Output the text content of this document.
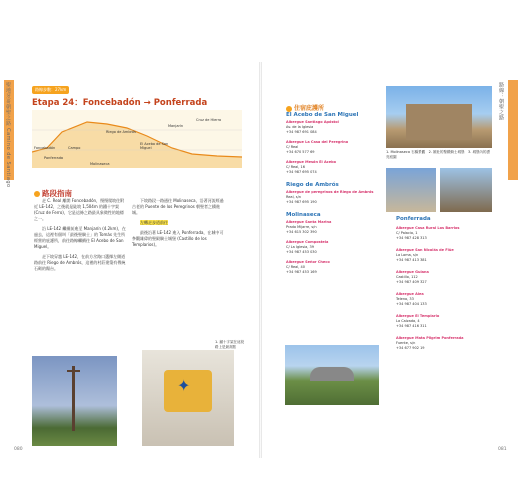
聖地牙哥朝聖之路 Camino de Santiago	路線：朝聖之路
路線步數：27km
Etapa 24：Foncebadón → Ponferrada
Foncebadón
Manjarín
Cruz de Hierro
El Acebo de San Miguel
Riego de Ambrós
Molinaseca
Campo
Ponferrada
路段指南

走 C. Real 離開 Foncebadón，慢慢爬坡往附近 LE-142，之後就是陡坡 1,504m 的鐵十字架 (Cruz de Ferro)，它是這條之路最具象徵性的地標之一。

沿 LE-142 繼續前進至 Manjarín (4.2km)，在過去，這裡有個叫「最後聖騎士」的 Tomás 先生所經營的庇護所，前往路線繼續往 El Acebo de San Miguel。

走下坡穿越 LE-142，在前方岔路口選擇左側道路前往 Riego de Ambrós，這裡的村莊建築有傳統石砌的陽台。

下坡路段一路通往 Molinaseca，沿著河流經過古老的 Puente de los Peregrinos 朝聖者之橋進城。

左轉走步道前往

最後沿著 LE-142 進入 Ponferrada，在城中可參觀雄偉的聖殿騎士城堡 (Castillo de los Templarios)。

✦
1. 鐵十字架在這段路上是最高點
080
住宿庇護所
1. Molinaseca 石橋景觀　2. 雄壯的聖殿騎士城堡　3. 城堡內的漂亮庭園
El Acebo de San Miguel
Albergue Santiago Apóstol
Av. de la Iglesia
+34 987 691 084
Albergue La Casa del Peregrino
C/ Real
+34 670 577 69
Albergue Mesón El Acebo
C/ Real, 16
+34 987 695 074
Riego de Ambrós
Albergue de peregrinos de Riego de Ambrós
Real, s/n
+34 987 695 190
Molinaseca
Albergue Santa Marina
Prado Mijarre, s/n
+34 615 302 390
Albergue Compostela
C/ La Iglesia, 39
+34 987 453 030
Albergue Señor Checo
C/ Real, 40
+34 987 453 169
Ponferrada
Albergue Casa Rural Los Barrios
C/ Palacio, 1
+34 987 428 313
Albergue San Nicolás de Flüe
La Loma, s/n
+34 987 413 381
Albergue Guiana
Castillo, 112
+34 987 409 327
Albergue Alea
Teleno, 33
+34 987 404 133
Albergue El Templario
La Calzada, 4
+34 987 416 311
Albergue Mata Pilgrim Ponferrada
Fuente, s/n
+34 677 902 19
081
